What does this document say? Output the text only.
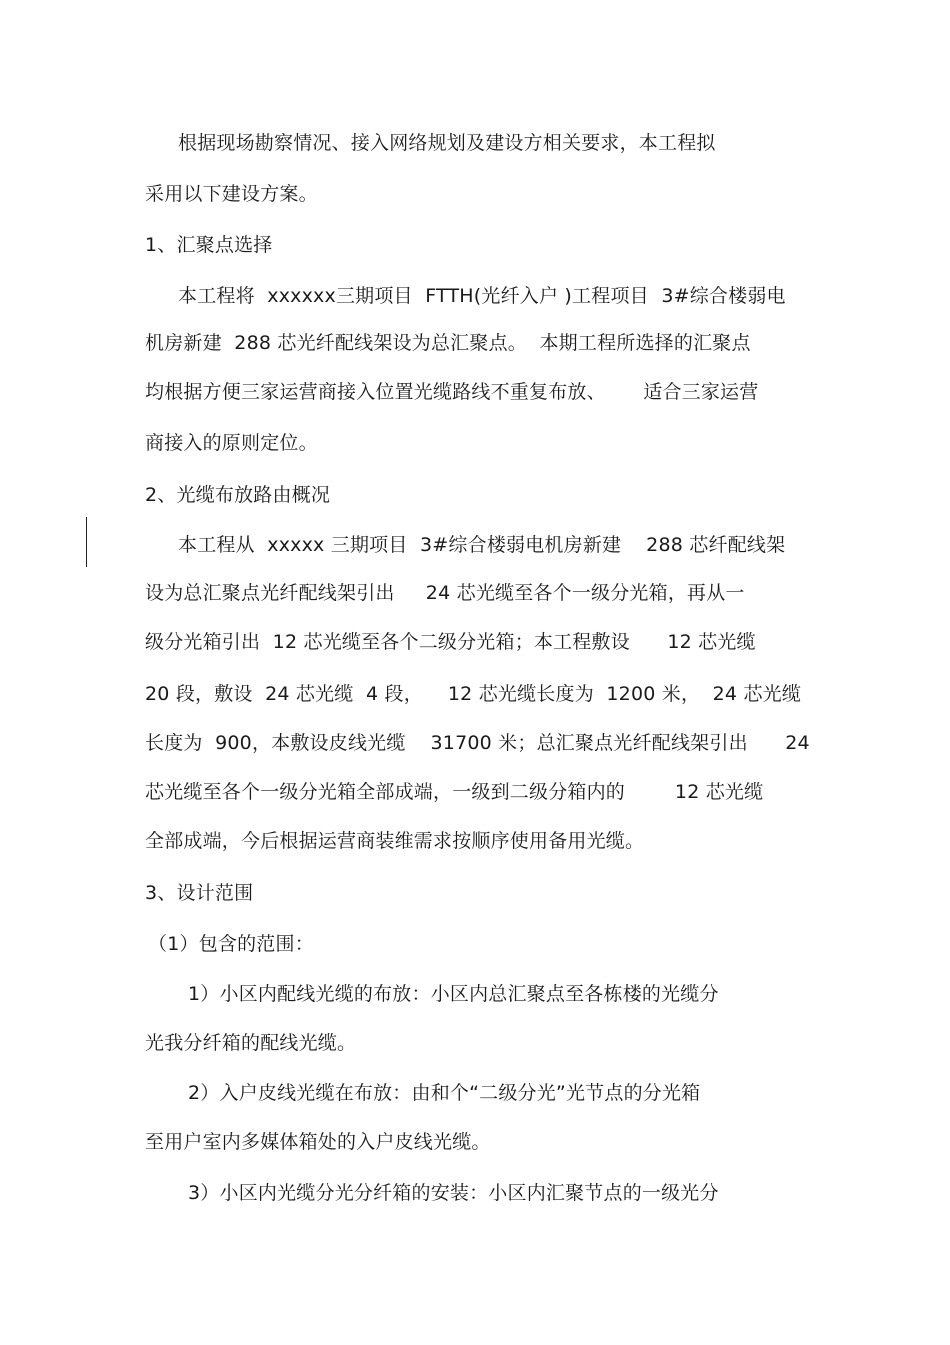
根据现场勘察情况、接入网络规划及建设方相关要求，本工程拟
采用以下建设方案。
1、汇聚点选择
本工程将  xxxxxx三期项目  FTTH(光纤入户 )工程项目  3#综合楼弱电
机房新建  288 芯光纤配线架设为总汇聚点。  本期工程所选择的汇聚点
均根据方便三家运营商接入位置光缆路线不重复布放、      适合三家运营
商接入的原则定位。
2、光缆布放路由概况
本工程从  xxxxx 三期项目  3#综合楼弱电机房新建    288 芯纤配线架
设为总汇聚点光纤配线架引出     24 芯光缆至各个一级分光箱，再从一
级分光箱引出  12 芯光缆至各个二级分光箱；本工程敷设      12 芯光缆
20 段，敷设  24 芯光缆  4 段，    12 芯光缆长度为  1200 米，  24 芯光缆
长度为  900，本敷设皮线光缆    31700 米；总汇聚点光纤配线架引出      24
芯光缆至各个一级分光箱全部成端，一级到二级分箱内的        12 芯光缆
全部成端，今后根据运营商装维需求按顺序使用备用光缆。
3、设计范围
（1）包含的范围：
1）小区内配线光缆的布放：小区内总汇聚点至各栋楼的光缆分
光我分纤箱的配线光缆。
2）入户皮线光缆在布放：由和个“二级分光”光节点的分光箱
至用户室内多媒体箱处的入户皮线光缆。
3）小区内光缆分光分纤箱的安装：小区内汇聚节点的一级光分
